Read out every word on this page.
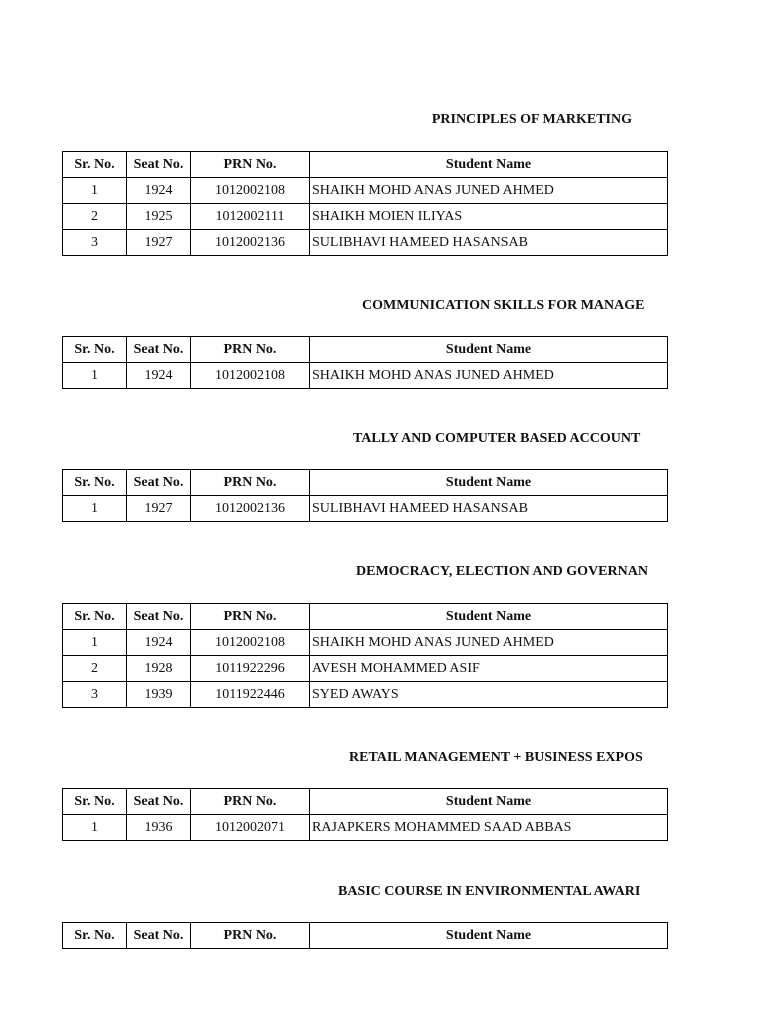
PRINCIPLES OF MARKETING
Sr. No.	Seat No.	PRN No.	Student Name
1	1924	1012002108	SHAIKH MOHD ANAS JUNED AHMED
2	1925	1012002111	SHAIKH MOIEN ILIYAS
3	1927	1012002136	SULIBHAVI HAMEED HASANSAB
COMMUNICATION SKILLS FOR MANAGE
Sr. No.	Seat No.	PRN No.	Student Name
1	1924	1012002108	SHAIKH MOHD ANAS JUNED AHMED
TALLY AND COMPUTER BASED ACCOUNT
Sr. No.	Seat No.	PRN No.	Student Name
1	1927	1012002136	SULIBHAVI HAMEED HASANSAB
DEMOCRACY, ELECTION AND GOVERNAN
Sr. No.	Seat No.	PRN No.	Student Name
1	1924	1012002108	SHAIKH MOHD ANAS JUNED AHMED
2	1928	1011922296	AVESH MOHAMMED ASIF
3	1939	1011922446	SYED AWAYS
RETAIL MANAGEMENT + BUSINESS EXPOS
Sr. No.	Seat No.	PRN No.	Student Name
1	1936	1012002071	RAJAPKERS MOHAMMED SAAD ABBAS
BASIC COURSE IN ENVIRONMENTAL AWARI
Sr. No.	Seat No.	PRN No.	Student Name
